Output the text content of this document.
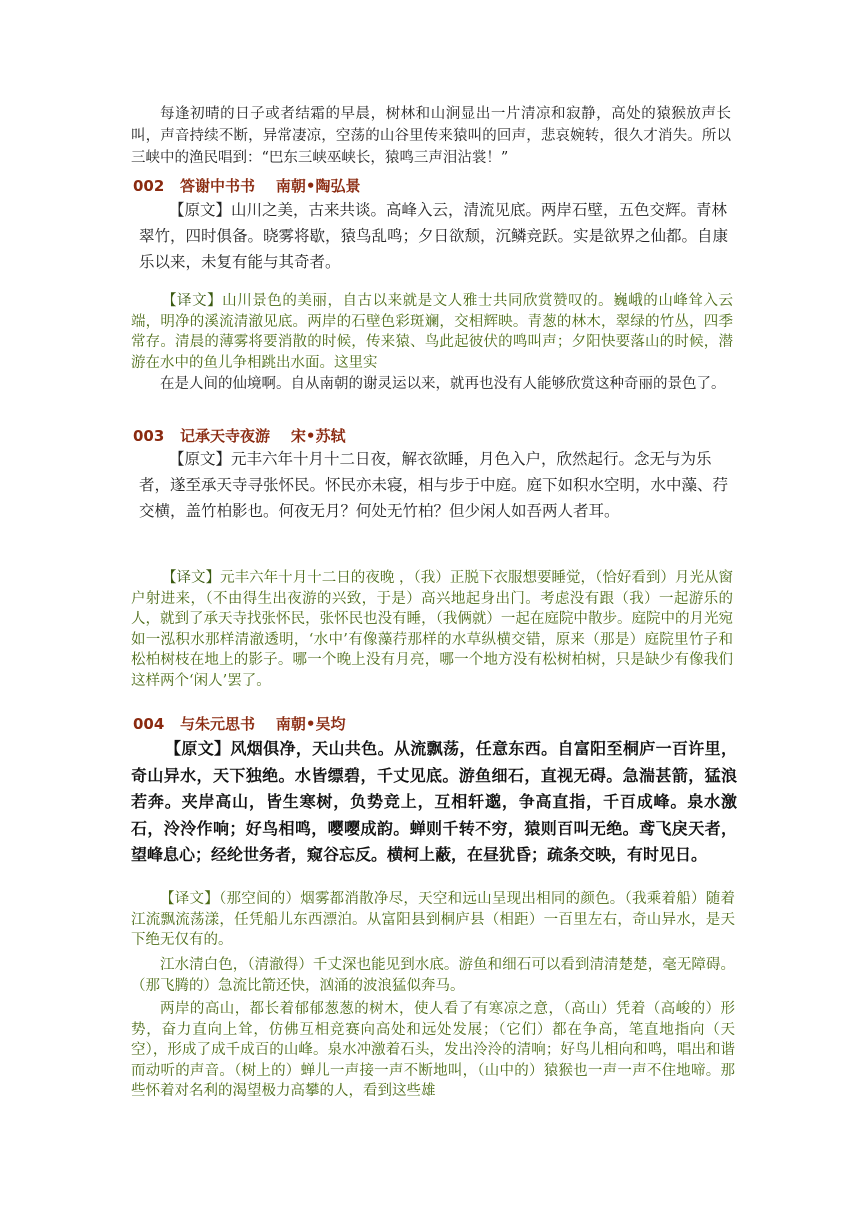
每逢初晴的日子或者结霜的早晨，树林和山涧显出一片清凉和寂静，高处的猿猴放声长叫，声音持续不断，异常凄凉，空荡的山谷里传来猿叫的回声，悲哀婉转，很久才消失。所以三峡中的渔民唱到：“巴东三峡巫峡长，猿鸣三声泪沾裳！”
002   答谢中书书    南朝•陶弘景
【原文】山川之美，古来共谈。高峰入云，清流见底。两岸石壁，五色交辉。青林翠竹，四时俱备。晓雾将歇，猿鸟乱鸣；夕日欲颓，沉鳞竞跃。实是欲界之仙都。自康乐以来，未复有能与其奇者。
【译文】山川景色的美丽，自古以来就是文人雅士共同欣赏赞叹的。巍峨的山峰耸入云端，明净的溪流清澈见底。两岸的石壁色彩斑斓，交相辉映。青葱的林木，翠绿的竹丛，四季常存。清晨的薄雾将要消散的时候，传来猿、鸟此起彼伏的鸣叫声；夕阳快要落山的时候，潜游在水中的鱼儿争相跳出水面。这里实
在是人间的仙境啊。自从南朝的谢灵运以来，就再也没有人能够欣赏这种奇丽的景色了。
003   记承天寺夜游    宋•苏轼
【原文】元丰六年十月十二日夜，解衣欲睡，月色入户，欣然起行。念无与为乐者，遂至承天寺寻张怀民。怀民亦未寝，相与步于中庭。庭下如积水空明，水中藻、荇交横，盖竹柏影也。何夜无月？何处无竹柏？但少闲人如吾两人者耳。
【译文】元丰六年十月十二日的夜晚 ，（我）正脱下衣服想要睡觉，（恰好看到）月光从窗户射进来，（不由得生出夜游的兴致，于是）高兴地起身出门。考虑没有跟（我）一起游乐的人，就到了承天寺找张怀民，张怀民也没有睡，（我俩就）一起在庭院中散步。庭院中的月光宛如一泓积水那样清澈透明，‘水中’有像藻荇那样的水草纵横交错，原来（那是）庭院里竹子和松柏树枝在地上的影子。哪一个晚上没有月亮，哪一个地方没有松树柏树，只是缺少有像我们这样两个‘闲人’罢了。
004   与朱元思书    南朝•吴均
【原文】风烟俱净，天山共色。从流飘荡，任意东西。自富阳至桐庐一百许里，奇山异水，天下独绝。水皆缥碧，千丈见底。游鱼细石，直视无碍。急湍甚箭，猛浪若奔。夹岸高山，皆生寒树，负势竞上，互相轩邈，争高直指，千百成峰。泉水激石，泠泠作响；好鸟相鸣，嘤嘤成韵。蝉则千转不穷，猿则百叫无绝。鸢飞戾天者，望峰息心；经纶世务者，窥谷忘反。横柯上蔽，在昼犹昏；疏条交映，有时见日。
【译文】（那空间的）烟雾都消散净尽，天空和远山呈现出相同的颜色。（我乘着船）随着江流飘流荡漾，任凭船儿东西漂泊。从富阳县到桐庐县（相距）一百里左右，奇山异水，是天下绝无仅有的。
江水清白色，（清澈得）千丈深也能见到水底。游鱼和细石可以看到清清楚楚，毫无障碍。（那飞腾的）急流比箭还快，汹涌的波浪猛似奔马。
两岸的高山，都长着郁郁葱葱的树木，使人看了有寒凉之意，（高山）凭着（高峻的）形势，奋力直向上耸，仿佛互相竞赛向高处和远处发展；（它们）都在争高，笔直地指向（天空），形成了成千成百的山峰。泉水冲激着石头，发出泠泠的清响；好鸟儿相向和鸣，唱出和谐而动听的声音。（树上的）蝉儿一声接一声不断地叫，（山中的）猿猴也一声一声不住地啼。那些怀着对名利的渴望极力高攀的人，看到这些雄
